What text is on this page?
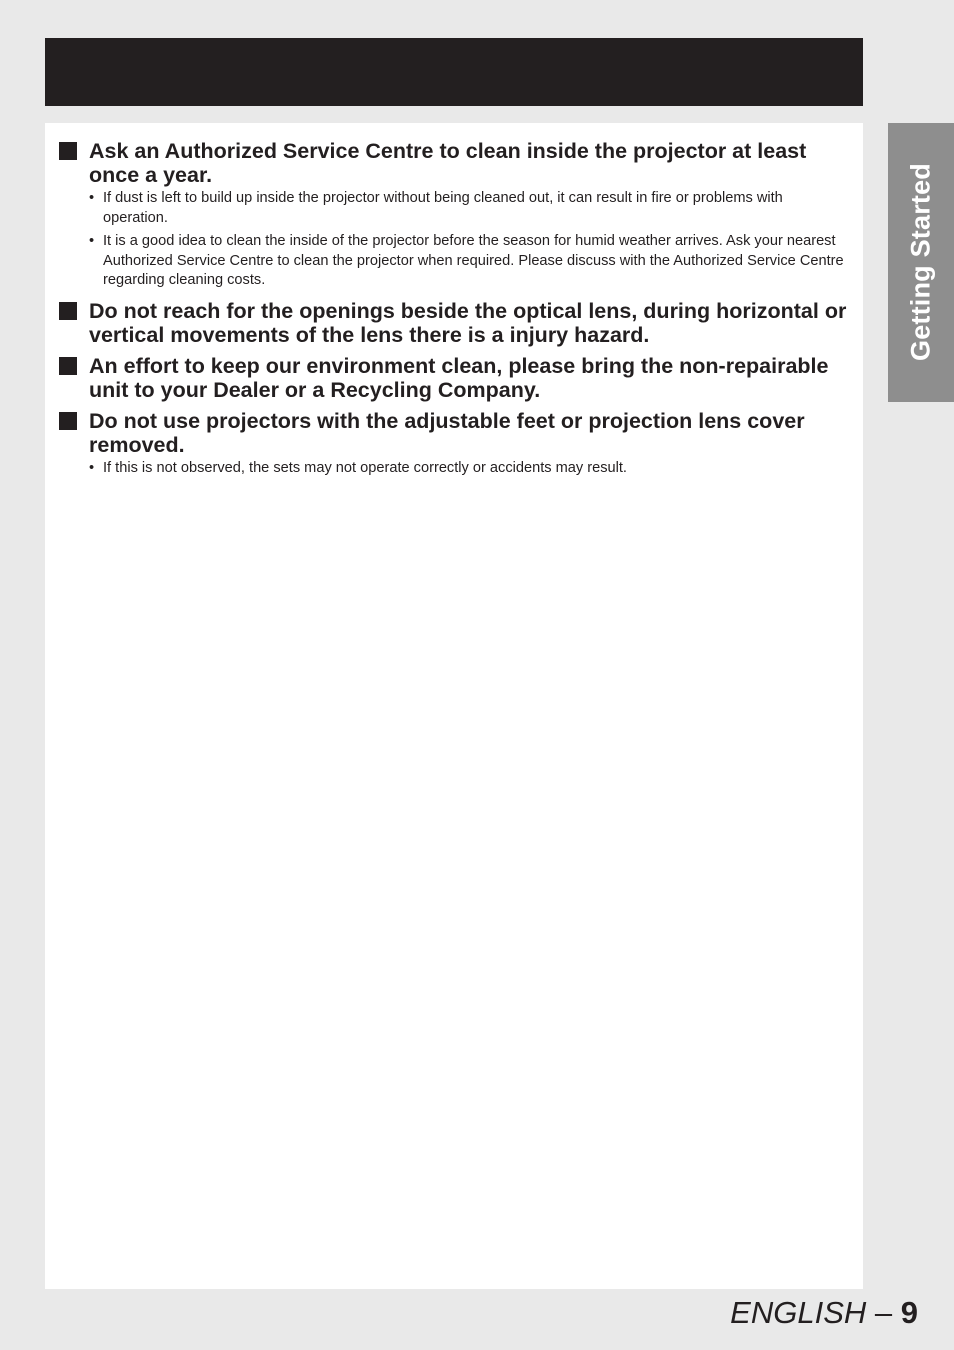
Getting Started
Ask an Authorized Service Centre to clean inside the projector at least once a year.
• If dust is left to build up inside the projector without being cleaned out, it can result in fire or problems with operation.
• It is a good idea to clean the inside of the projector before the season for humid weather arrives. Ask your nearest Authorized Service Centre to clean the projector when required. Please discuss with the Authorized Service Centre regarding cleaning costs.
Do not reach for the openings beside the optical lens, during horizontal or vertical movements of the lens there is a injury hazard.
An effort to keep our environment clean, please bring the non-repairable unit to your Dealer or a Recycling Company.
Do not use projectors with the adjustable feet or projection lens cover removed.
• If this is not observed, the sets may not operate correctly or accidents may result.
ENGLISH – 9
